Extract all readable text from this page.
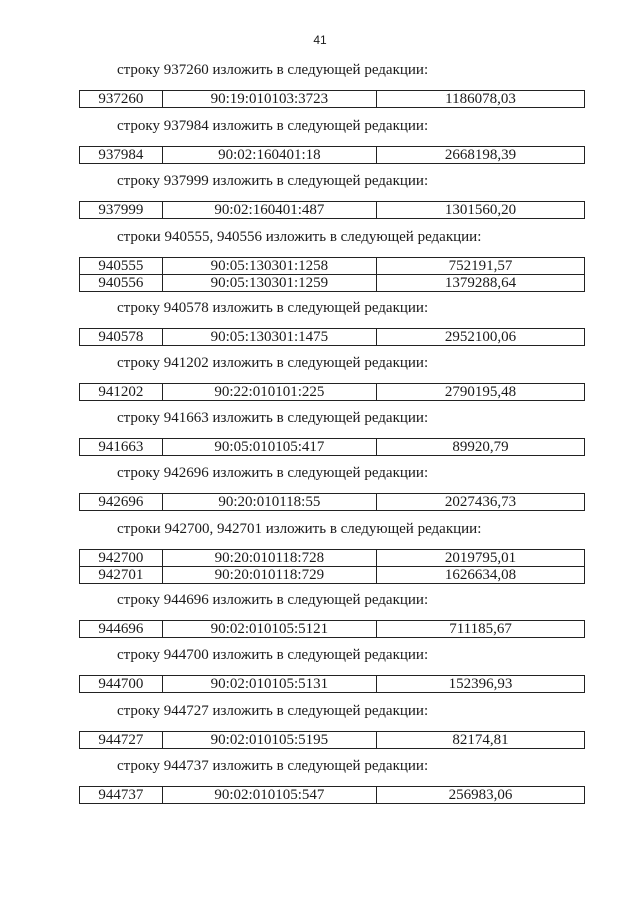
41
строку 937260 изложить в следующей редакции:
937260	90:19:010103:3723	1186078,03
строку 937984 изложить в следующей редакции:
937984	90:02:160401:18	2668198,39
строку 937999 изложить в следующей редакции:
937999	90:02:160401:487	1301560,20
строки 940555, 940556 изложить в следующей редакции:
940555	90:05:130301:1258	752191,57
940556	90:05:130301:1259	1379288,64
строку 940578 изложить в следующей редакции:
940578	90:05:130301:1475	2952100,06
строку 941202 изложить в следующей редакции:
941202	90:22:010101:225	2790195,48
строку 941663 изложить в следующей редакции:
941663	90:05:010105:417	89920,79
строку 942696 изложить в следующей редакции:
942696	90:20:010118:55	2027436,73
строки 942700, 942701 изложить в следующей редакции:
942700	90:20:010118:728	2019795,01
942701	90:20:010118:729	1626634,08
строку 944696 изложить в следующей редакции:
944696	90:02:010105:5121	711185,67
строку 944700 изложить в следующей редакции:
944700	90:02:010105:5131	152396,93
строку 944727 изложить в следующей редакции:
944727	90:02:010105:5195	82174,81
строку 944737 изложить в следующей редакции:
944737	90:02:010105:547	256983,06
